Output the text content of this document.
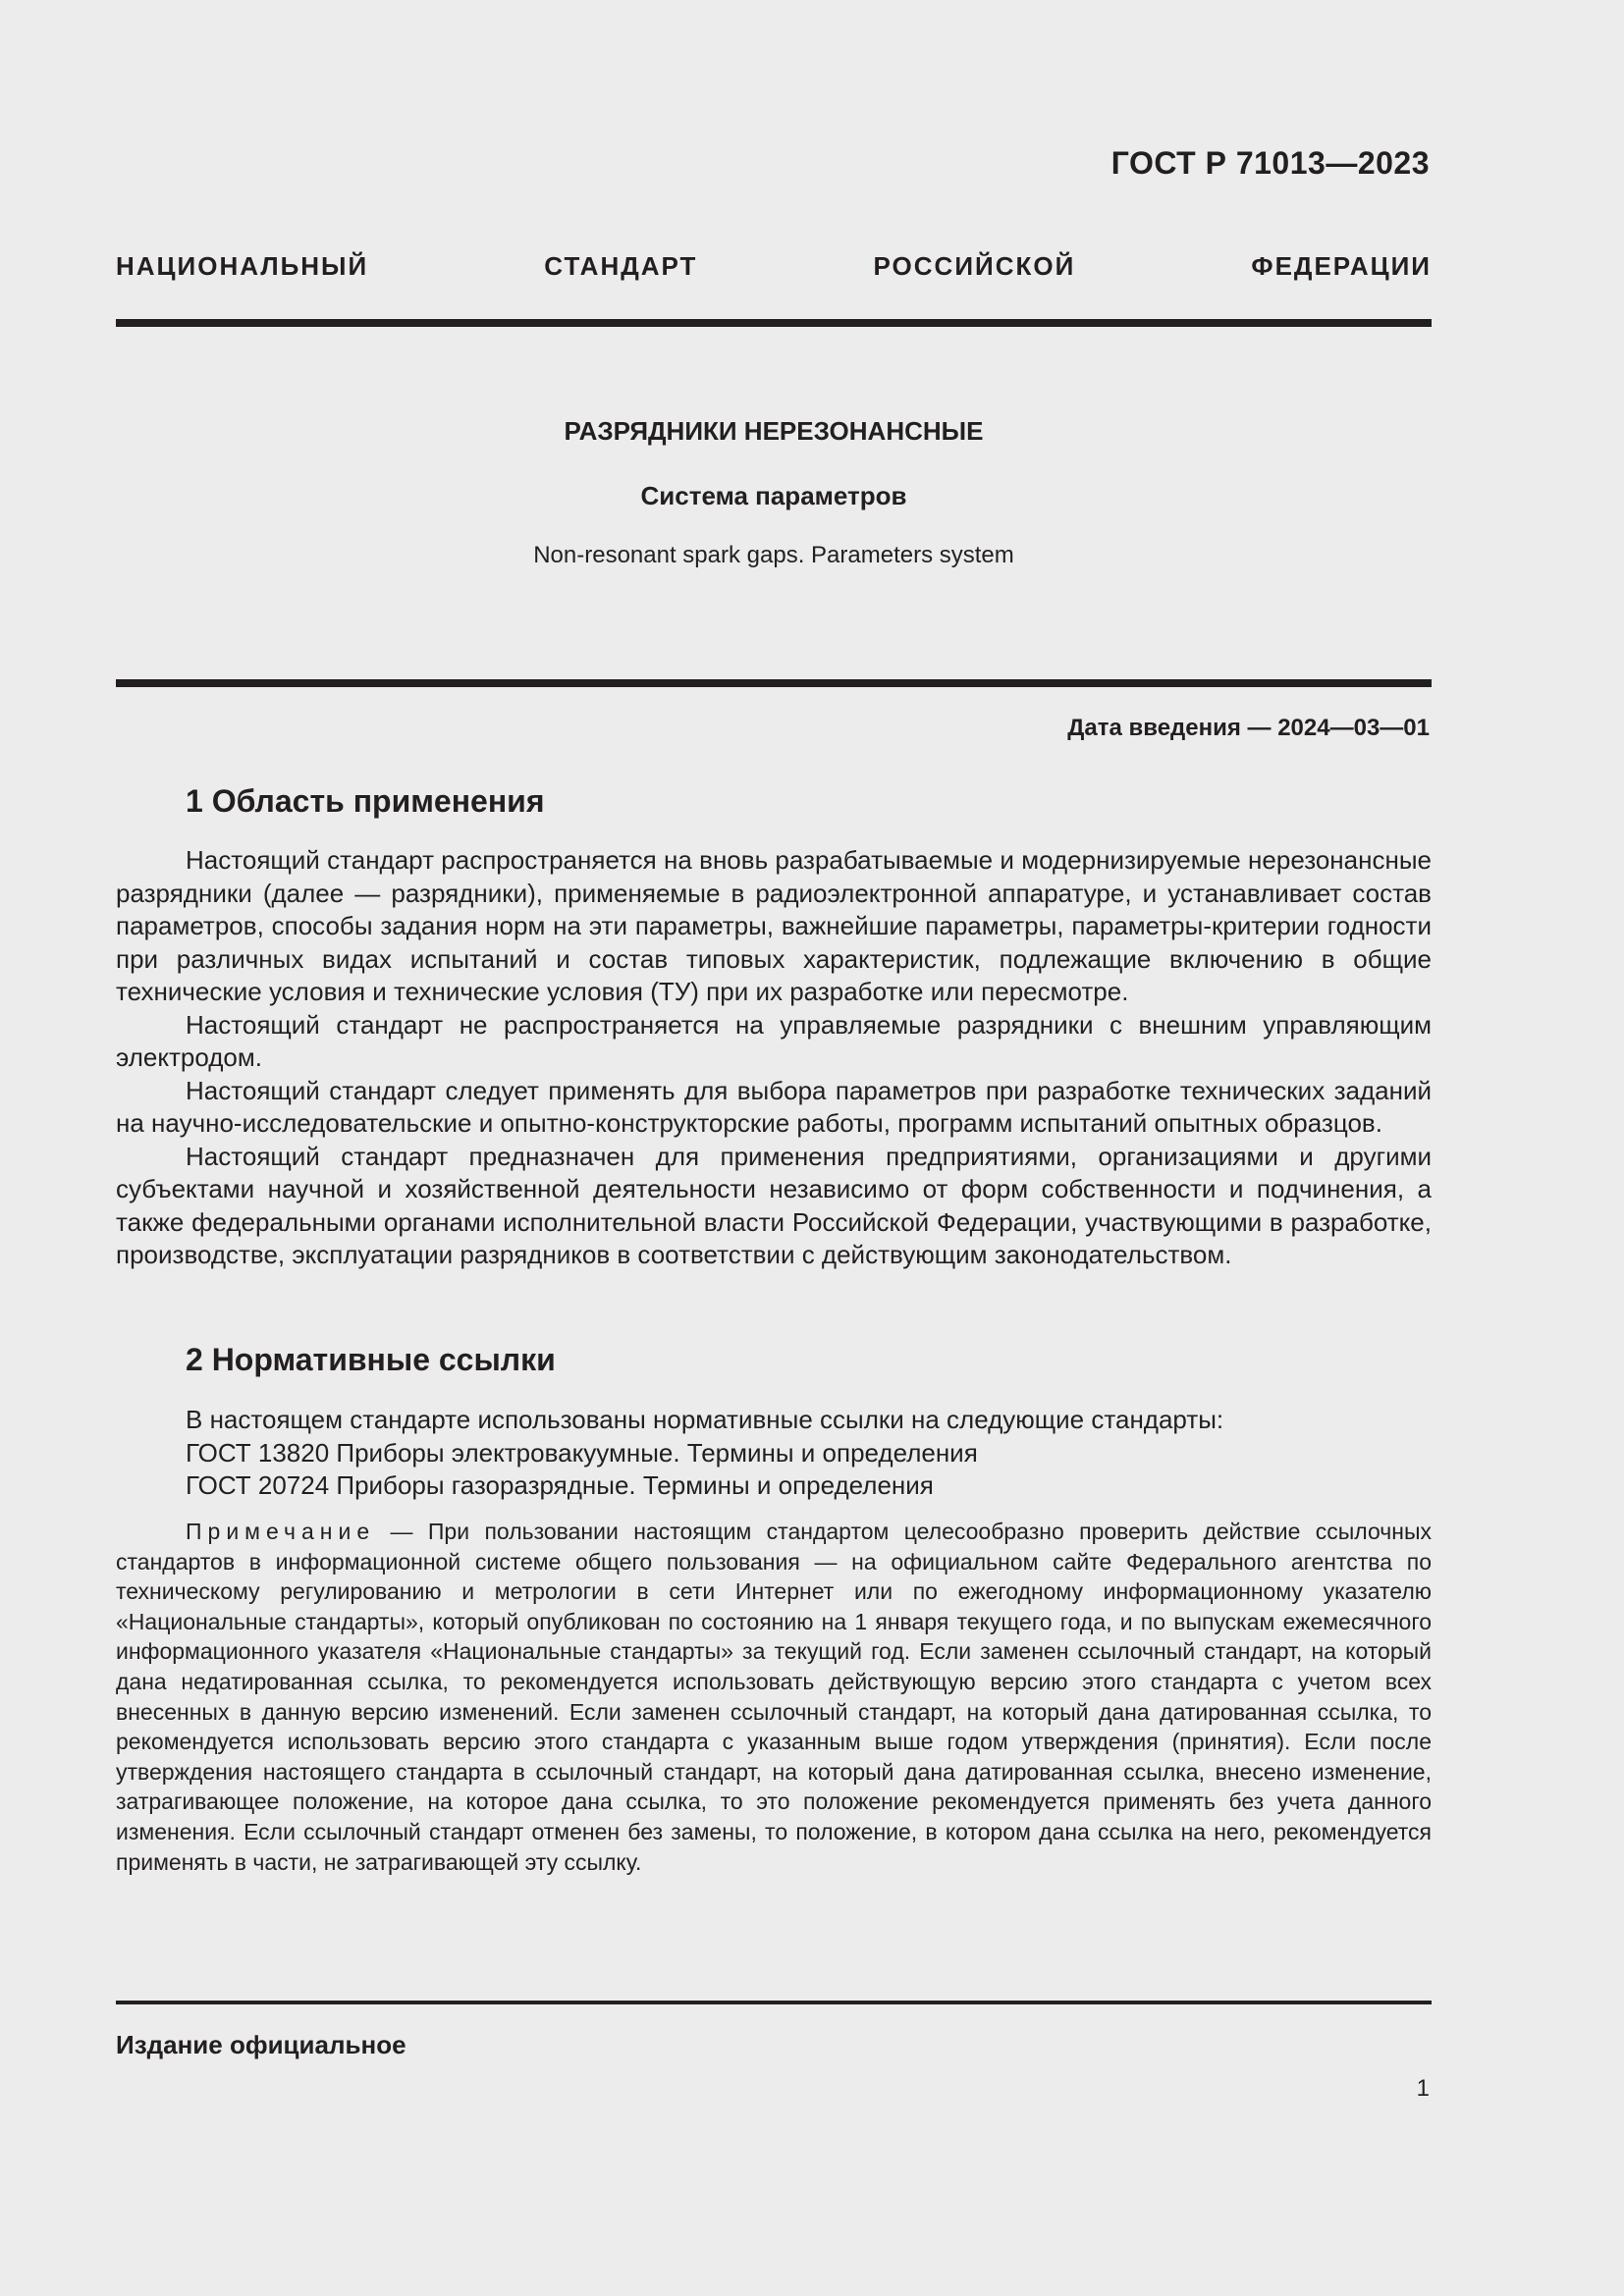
ГОСТ Р 71013—2023
НАЦИОНАЛЬНЫЙ СТАНДАРТ РОССИЙСКОЙ ФЕДЕРАЦИИ
РАЗРЯДНИКИ НЕРЕЗОНАНСНЫЕ
Система параметров
Non-resonant spark gaps. Parameters system
Дата введения — 2024—03—01
1 Область применения

Настоящий стандарт распространяется на вновь разрабатываемые и модернизируемые нерезонансные разрядники (далее — разрядники), применяемые в радиоэлектронной аппаратуре, и устанавливает состав параметров, способы задания норм на эти параметры, важнейшие параметры, параметры-критерии годности при различных видах испытаний и состав типовых характеристик, подлежащие включению в общие технические условия и технические условия (ТУ) при их разработке или пересмотре.

Настоящий стандарт не распространяется на управляемые разрядники с внешним управляющим электродом.

Настоящий стандарт следует применять для выбора параметров при разработке технических заданий на научно-исследовательские и опытно-конструкторские работы, программ испытаний опытных образцов.

Настоящий стандарт предназначен для применения предприятиями, организациями и другими субъектами научной и хозяйственной деятельности независимо от форм собственности и подчинения, а также федеральными органами исполнительной власти Российской Федерации, участвующими в разработке, производстве, эксплуатации разрядников в соответствии с действующим законодательством.

2 Нормативные ссылки

В настоящем стандарте использованы нормативные ссылки на следующие стандарты:

ГОСТ 13820 Приборы электровакуумные. Термины и определения

ГОСТ 20724 Приборы газоразрядные. Термины и определения

Примечание — При пользовании настоящим стандартом целесообразно проверить действие ссылочных стандартов в информационной системе общего пользования — на официальном сайте Федерального агентства по техническому регулированию и метрологии в сети Интернет или по ежегодному информационному указателю «Национальные стандарты», который опубликован по состоянию на 1 января текущего года, и по выпускам ежемесячного информационного указателя «Национальные стандарты» за текущий год. Если заменен ссылочный стандарт, на который дана недатированная ссылка, то рекомендуется использовать действующую версию этого стандарта с учетом всех внесенных в данную версию изменений. Если заменен ссылочный стандарт, на который дана датированная ссылка, то рекомендуется использовать версию этого стандарта с указанным выше годом утверждения (принятия). Если после утверждения настоящего стандарта в ссылочный стандарт, на который дана датированная ссылка, внесено изменение, затрагивающее положение, на которое дана ссылка, то это положение рекомендуется применять без учета данного изменения. Если ссылочный стандарт отменен без замены, то положение, в котором дана ссылка на него, рекомендуется применять в части, не затрагивающей эту ссылку.
Издание официальное
1
